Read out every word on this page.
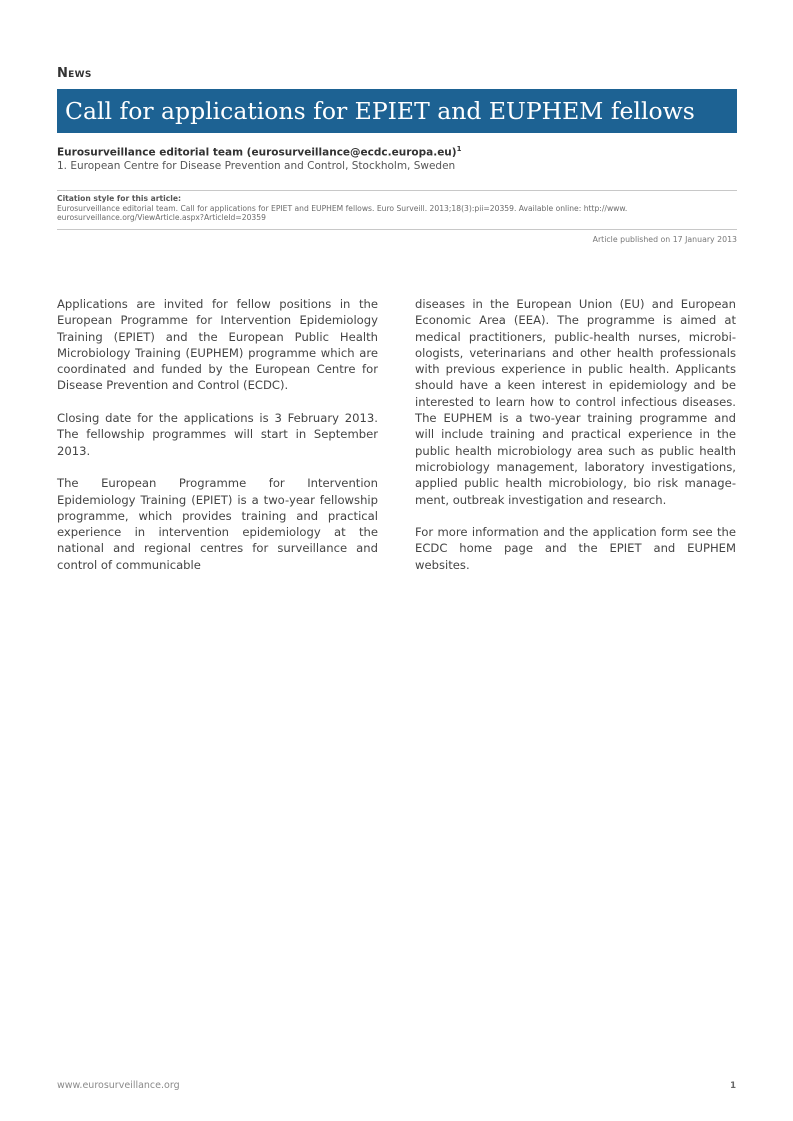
News
Call for applications for EPIET and EUPHEM fellows
Eurosurveillance editorial team (eurosurveillance@ecdc.europa.eu)$^1$
1. European Centre for Disease Prevention and Control, Stockholm, Sweden
Citation style for this article:
Eurosurveillance editorial team. Call for applications for EPIET and EUPHEM fellows. Euro Surveill. 2013;18(3):pii=20359. Available online: http://www. eurosurveillance.org/ViewArticle.aspx?ArticleId=20359
Article published on 17 January 2013

Applications are invited for fellow positions in the European Programme for Intervention Epidemiology Training (EPIET) and the European Public Health Microbiology Training (EUPHEM) programme which are coordinated and funded by the European Centre for Disease Prevention and Control (ECDC).

Closing date for the applications is 3 February 2013. The fellowship programmes will start in September 2013.

The European Programme for Intervention Epidemiology Training (EPIET) is a two-year fellowship programme, which provides training and practical experience in intervention epidemiology at the national and regional centres for surveillance and control of communicable

diseases in the European Union (EU) and European Economic Area (EEA). The programme is aimed at medical practitioners, public-health nurses, microbiologists, veterinarians and other health professionals with previous experience in public health. Applicants should have a keen interest in epidemiology and be interested to learn how to control infectious diseases. The EUPHEM is a two-year training programme and will include training and practical experience in the public health microbiology area such as public health microbiology management, laboratory investigations, applied public health microbiology, bio risk management, outbreak investigation and research.

For more information and the application form see the ECDC home page and the EPIET and EUPHEM websites.

www.eurosurveillance.org	1
